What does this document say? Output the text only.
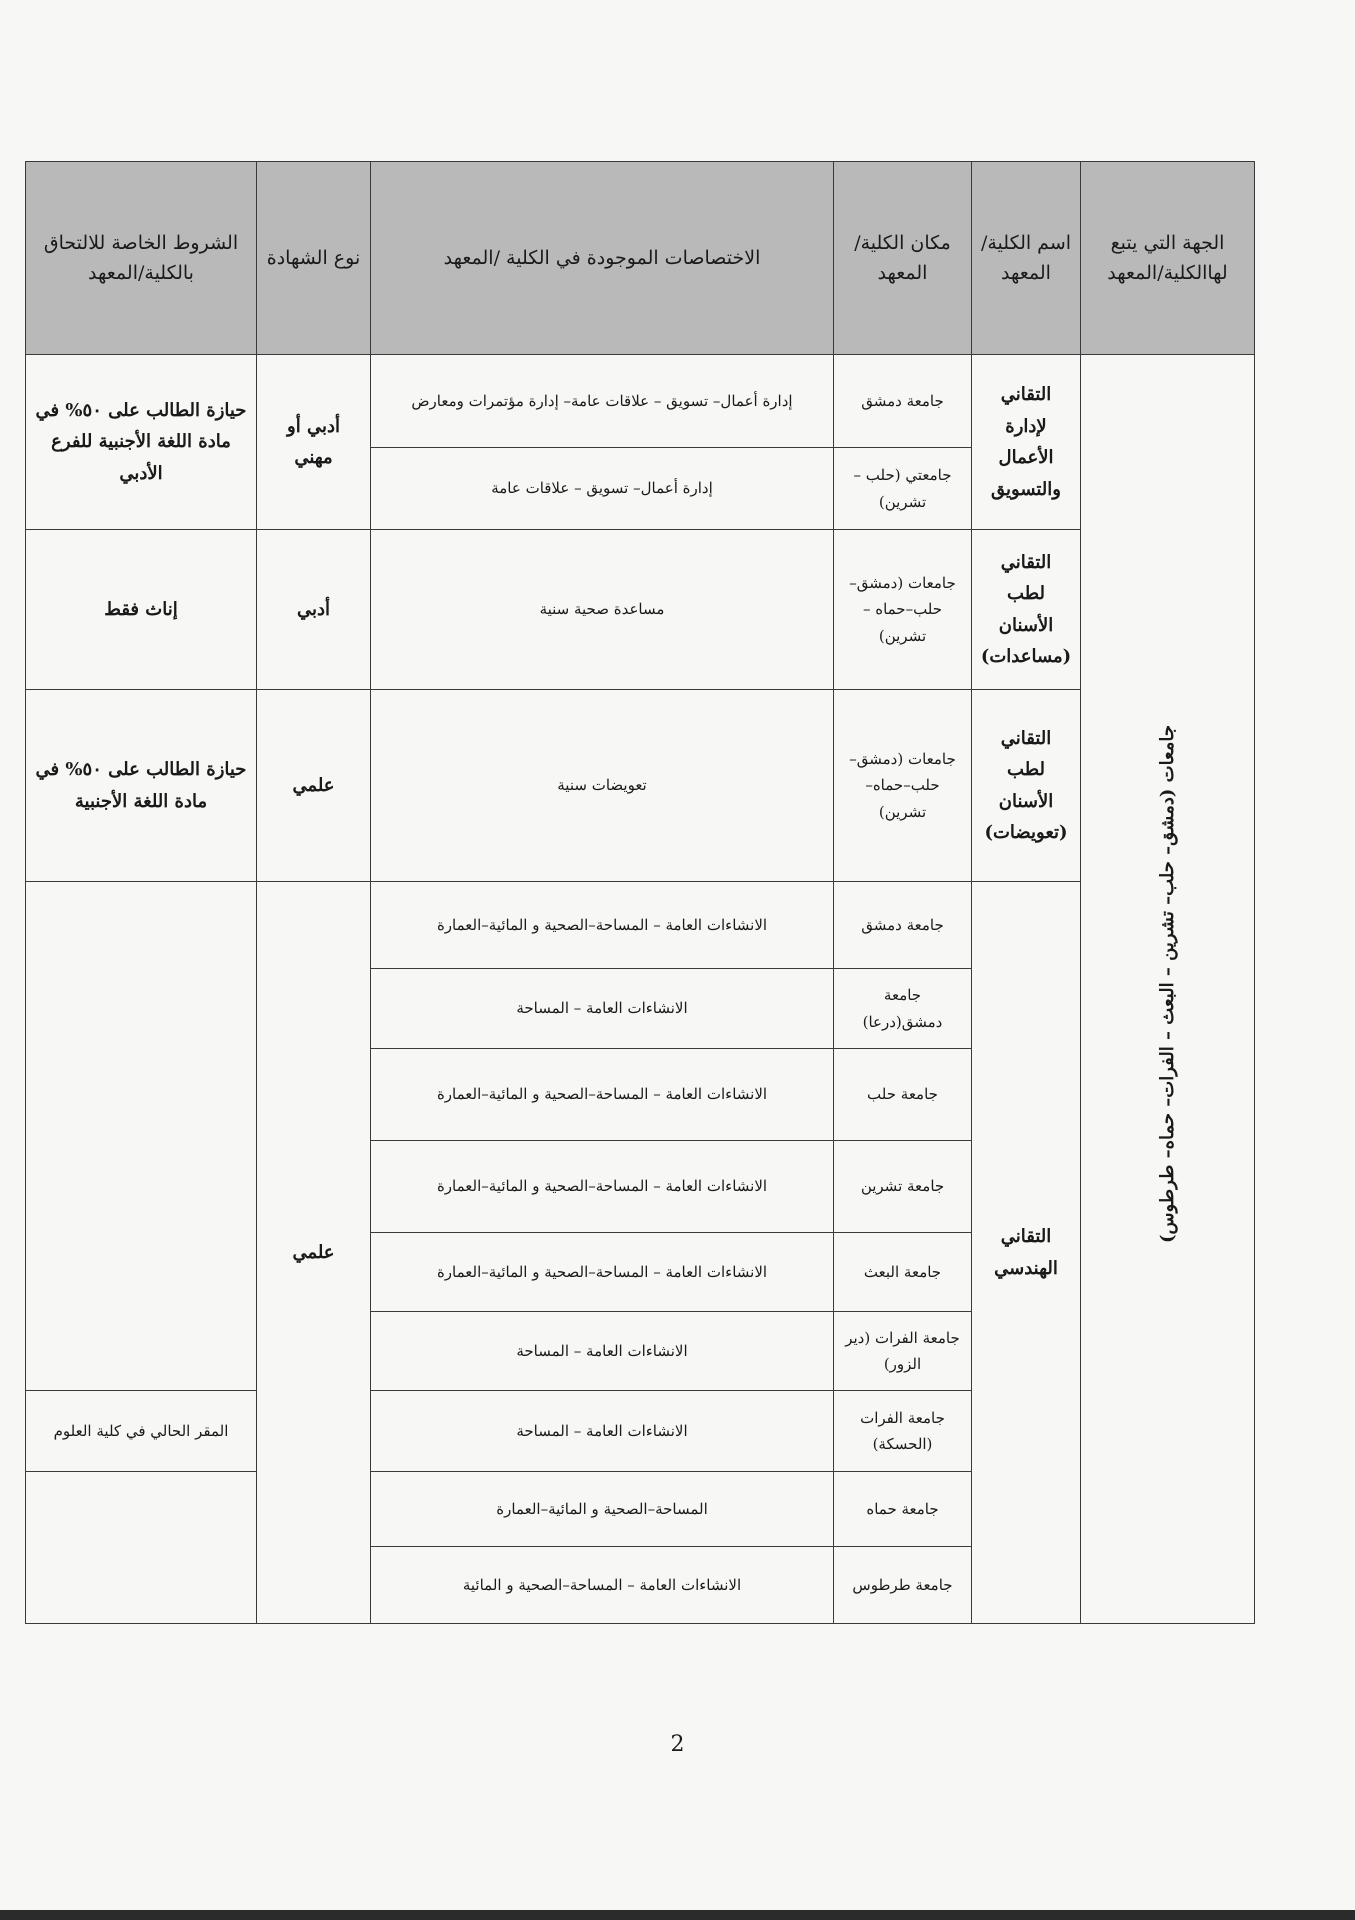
الجهة التي يتبع لهاالكلية/المعهد	اسم الكلية/المعهد	مكان الكلية/المعهد	الاختصاصات الموجودة في الكلية /المعهد	نوع الشهادة	الشروط الخاصة للالتحاق بالكلية/المعهد
جامعات (دمشق– حلب– تشرين – البعث – الفرات– حماه– طرطوس)	التقاني لإدارة الأعمال والتسويق	جامعة دمشق	إدارة أعمال– تسويق – علاقات عامة– إدارة مؤتمرات ومعارض	أدبي أو مهني	حيازة الطالب على ٥٠% في مادة اللغة الأجنبية للفرع الأدبي
		جامعتي (حلب – تشرين)	إدارة أعمال– تسويق – علاقات عامة		
	التقاني لطب الأسنان (مساعدات)	جامعات (دمشق– حلب–حماه – تشرين)	مساعدة صحية سنية	أدبي	إناث فقط
	التقاني لطب الأسنان (تعويضات)	جامعات (دمشق– حلب–حماه– تشرين)	تعويضات سنية	علمي	حيازة الطالب على ٥٠% في مادة اللغة الأجنبية
	التقاني الهندسي	جامعة دمشق	الانشاءات العامة – المساحة–الصحية و المائية–العمارة	علمي	
		جامعة دمشق(درعا)	الانشاءات العامة – المساحة		
		جامعة حلب	الانشاءات العامة – المساحة–الصحية و المائية–العمارة		
		جامعة تشرين	الانشاءات العامة – المساحة–الصحية و المائية–العمارة		
		جامعة البعث	الانشاءات العامة – المساحة–الصحية و المائية–العمارة		
		جامعة الفرات (دير الزور)	الانشاءات العامة – المساحة		
		جامعة الفرات (الحسكة)	الانشاءات العامة – المساحة		المقر الحالي في كلية العلوم
		جامعة حماه	المساحة–الصحية و المائية–العمارة		
		جامعة طرطوس	الانشاءات العامة – المساحة–الصحية و المائية		
2
